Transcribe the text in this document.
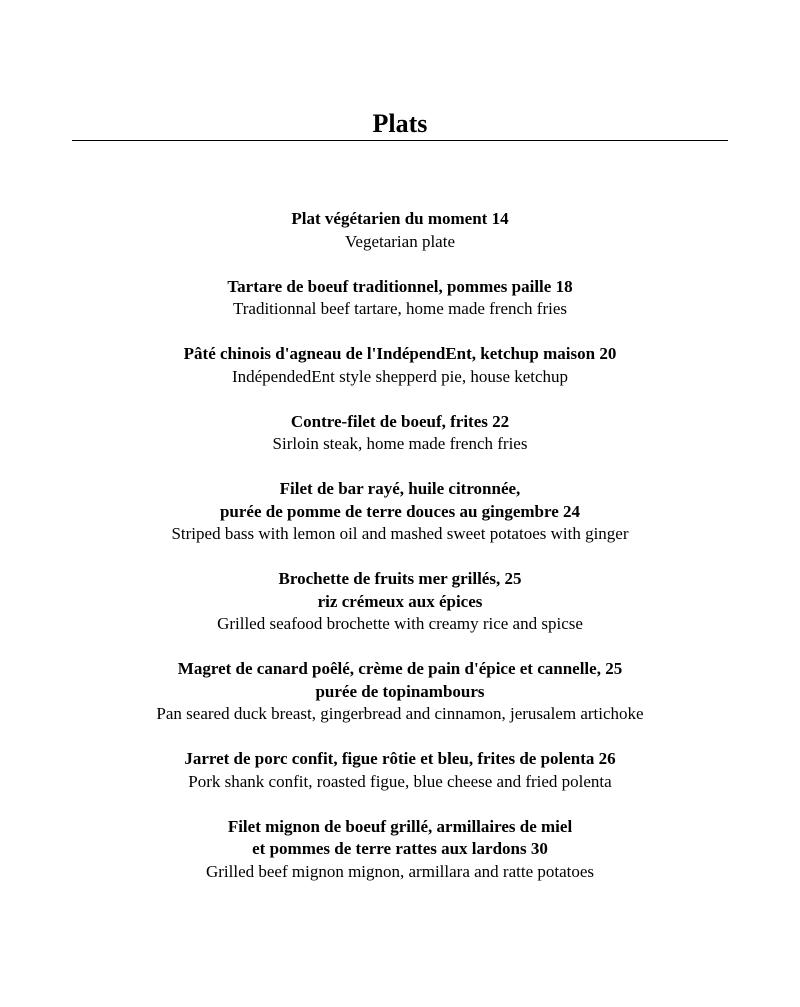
Plats
Plat végétarien du moment 14
Vegetarian plate
Tartare de boeuf traditionnel, pommes paille 18
Traditionnal beef tartare, home made french fries
Pâté chinois d'agneau de l'IndépendEnt, ketchup maison 20
IndépendedEnt style shepperd pie, house ketchup
Contre-filet de boeuf, frites 22
Sirloin steak, home made french fries
Filet de bar rayé, huile citronnée,
purée de pomme de terre douces au gingembre 24
Striped bass with lemon oil and mashed sweet potatoes with ginger
Brochette de fruits mer grillés, 25
riz crémeux aux épices
Grilled seafood brochette with creamy rice and spicse
Magret de canard poêlé, crème de pain d'épice et cannelle, 25
purée de topinambours
Pan seared duck breast, gingerbread and cinnamon, jerusalem artichoke
Jarret de porc confit, figue rôtie et bleu, frites de polenta 26
Pork shank confit, roasted figue, blue cheese and fried polenta
Filet mignon de boeuf grillé, armillaires de miel
et pommes de terre rattes aux lardons 30
Grilled beef mignon mignon, armillara and ratte potatoes
